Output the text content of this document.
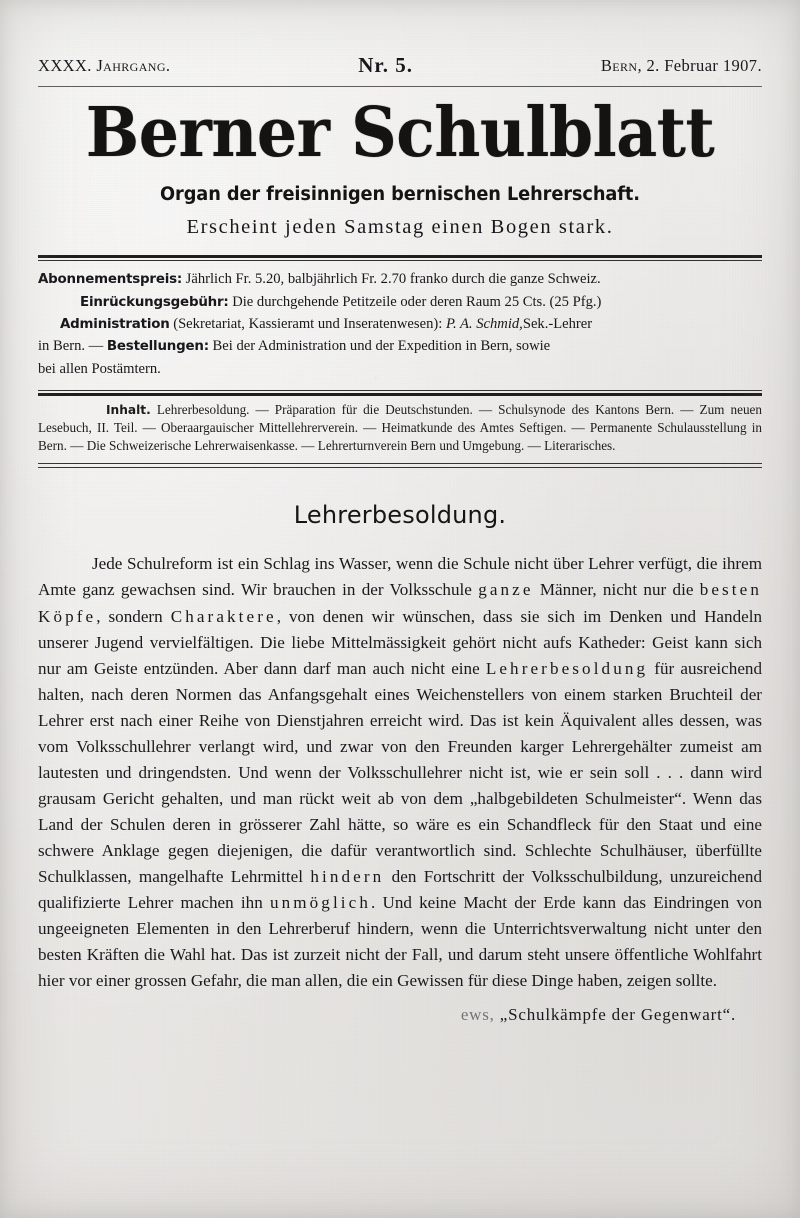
XXXX. Jahrgang.	Nr. 5.	Bern, 2. Februar 1907.
Berner Schulblatt
Organ der freisinnigen bernischen Lehrerschaft.
Erscheint jeden Samstag einen Bogen stark.

Abonnementspreis: Jährlich Fr. 5.20, balbjährlich Fr. 2.70 franko durch die ganze Schweiz.
Einrückungsgebühr: Die durchgehende Petitzeile oder deren Raum 25 Cts. (25 Pfg.)
Administration (Sekretariat, Kassieramt und Inseratenwesen): P. A. Schmid,Sek.-Lehrer
in Bern. — Bestellungen: Bei der Administration und der Expedition in Bern, sowie
bei allen Postämtern.

Inhalt. Lehrerbesoldung. — Präparation für die Deutschstunden. — Schulsynode des Kantons Bern. — Zum neuen Lesebuch, II. Teil. — Oberaargauischer Mittellehrerverein. — Heimatkunde des Amtes Seftigen. — Permanente Schulausstellung in Bern. — Die Schweizerische Lehrerwaisenkasse. — Lehrerturnverein Bern und Umgebung. — Literarisches.
Lehrerbesoldung.

Jede Schulreform ist ein Schlag ins Wasser, wenn die Schule nicht über Lehrer verfügt, die ihrem Amte ganz gewachsen sind. Wir brauchen in der Volksschule ganze Männer, nicht nur die besten Köpfe, sondern Charaktere, von denen wir wünschen, dass sie sich im Denken und Handeln unserer Jugend vervielfältigen. Die liebe Mittelmässigkeit gehört nicht aufs Katheder: Geist kann sich nur am Geiste entzünden. Aber dann darf man auch nicht eine Lehrerbesoldung für ausreichend halten, nach deren Normen das Anfangsgehalt eines Weichenstellers von einem starken Bruchteil der Lehrer erst nach einer Reihe von Dienstjahren erreicht wird. Das ist kein Äquivalent alles dessen, was vom Volksschullehrer verlangt wird, und zwar von den Freunden karger Lehrergehälter zumeist am lautesten und dringendsten. Und wenn der Volksschullehrer nicht ist, wie er sein soll . . . dann wird grausam Gericht gehalten, und man rückt weit ab von dem „halbgebildeten Schulmeister“. Wenn das Land der Schulen deren in grösserer Zahl hätte, so wäre es ein Schandfleck für den Staat und eine schwere Anklage gegen diejenigen, die dafür verantwortlich sind. Schlechte Schulhäuser, überfüllte Schulklassen, mangelhafte Lehrmittel hindern den Fortschritt der Volksschulbildung, unzureichend qualifizierte Lehrer machen ihn unmöglich. Und keine Macht der Erde kann das Eindringen von ungeeigneten Elementen in den Lehrerberuf hindern, wenn die Unterrichtsverwaltung nicht unter den besten Kräften die Wahl hat. Das ist zurzeit nicht der Fall, und darum steht unsere öffentliche Wohlfahrt hier vor einer grossen Gefahr, die man allen, die ein Gewissen für diese Dinge haben, zeigen sollte.

ews, „Schulkämpfe der Gegenwart“.
